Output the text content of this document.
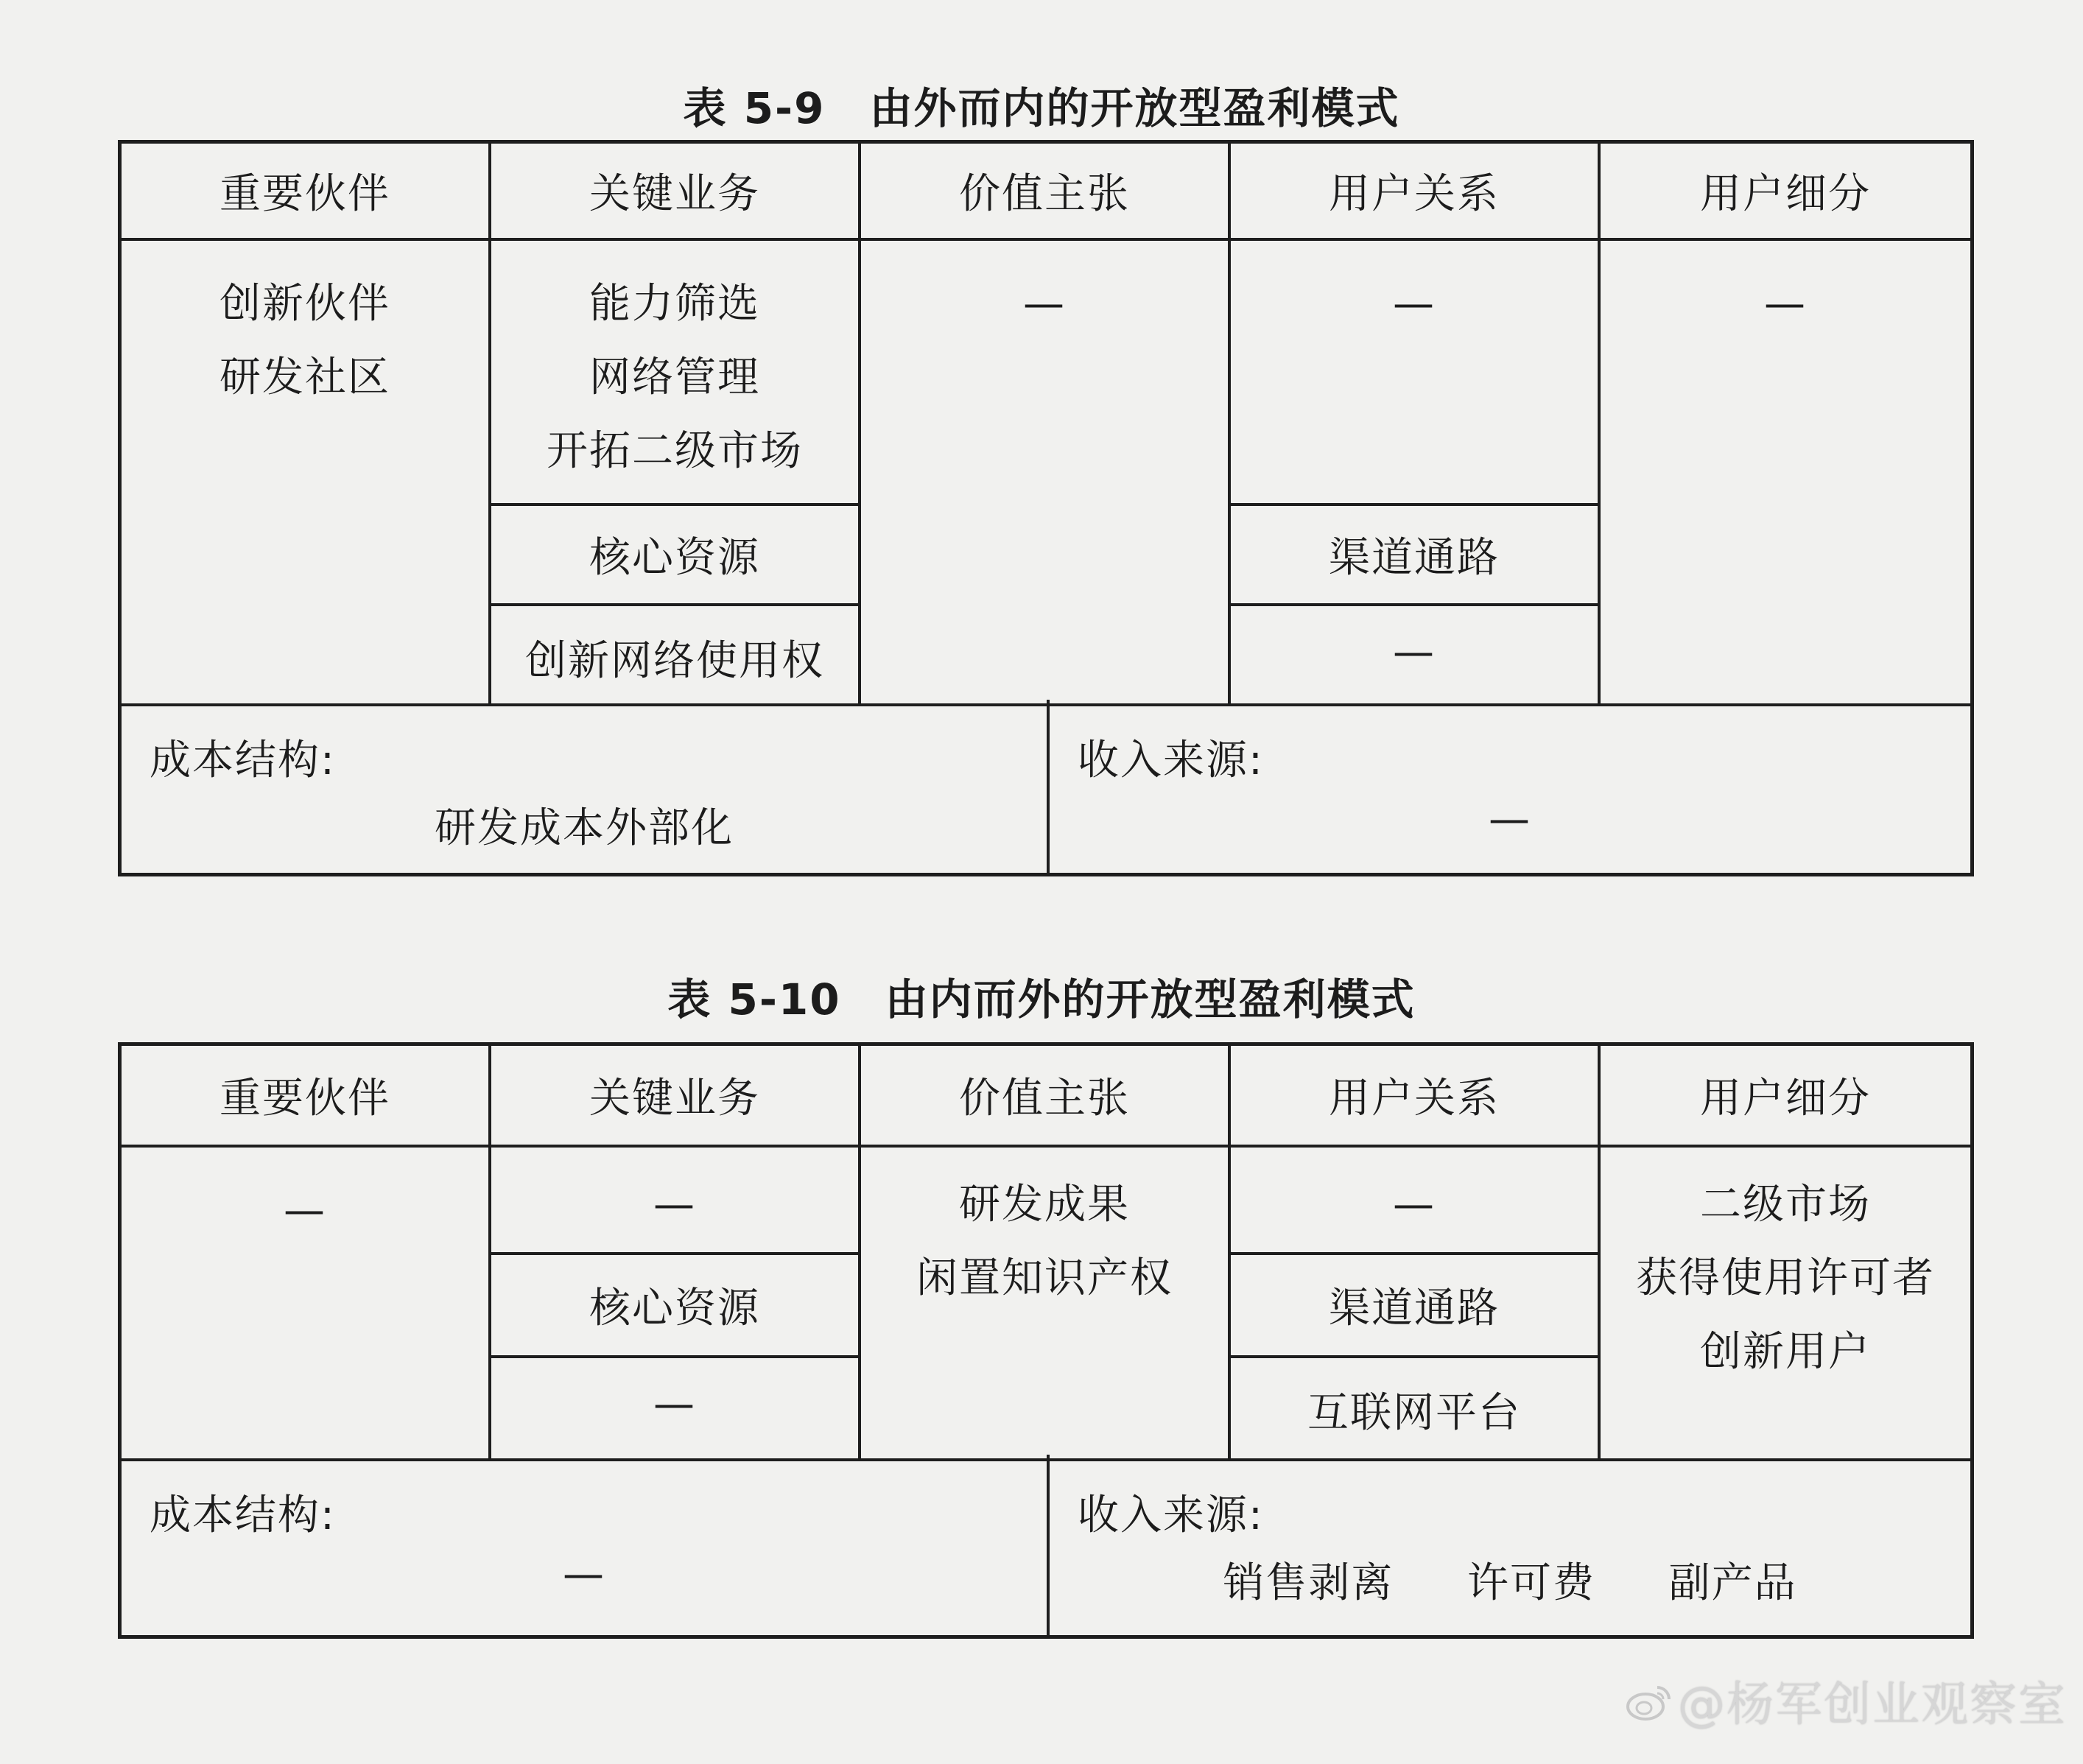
表 5-9 由外而内的开放型盈利模式
重要伙伴
创新伙伴
研发社区
关键业务
能力筛选
网络管理
开拓二级市场
核心资源
创新网络使用权
价值主张
—
用户关系
—
渠道通路
—
用户细分
—
成本结构:
研发成本外部化
收入来源:
—
表 5-10 由内而外的开放型盈利模式
重要伙伴
—
关键业务
—
核心资源
—
价值主张
研发成果
闲置知识产权
用户关系
—
渠道通路
互联网平台
用户细分
二级市场
获得使用许可者
创新用户
成本结构:
—
收入来源:
销售剥离 许可费 副产品
@杨军创业观察室
